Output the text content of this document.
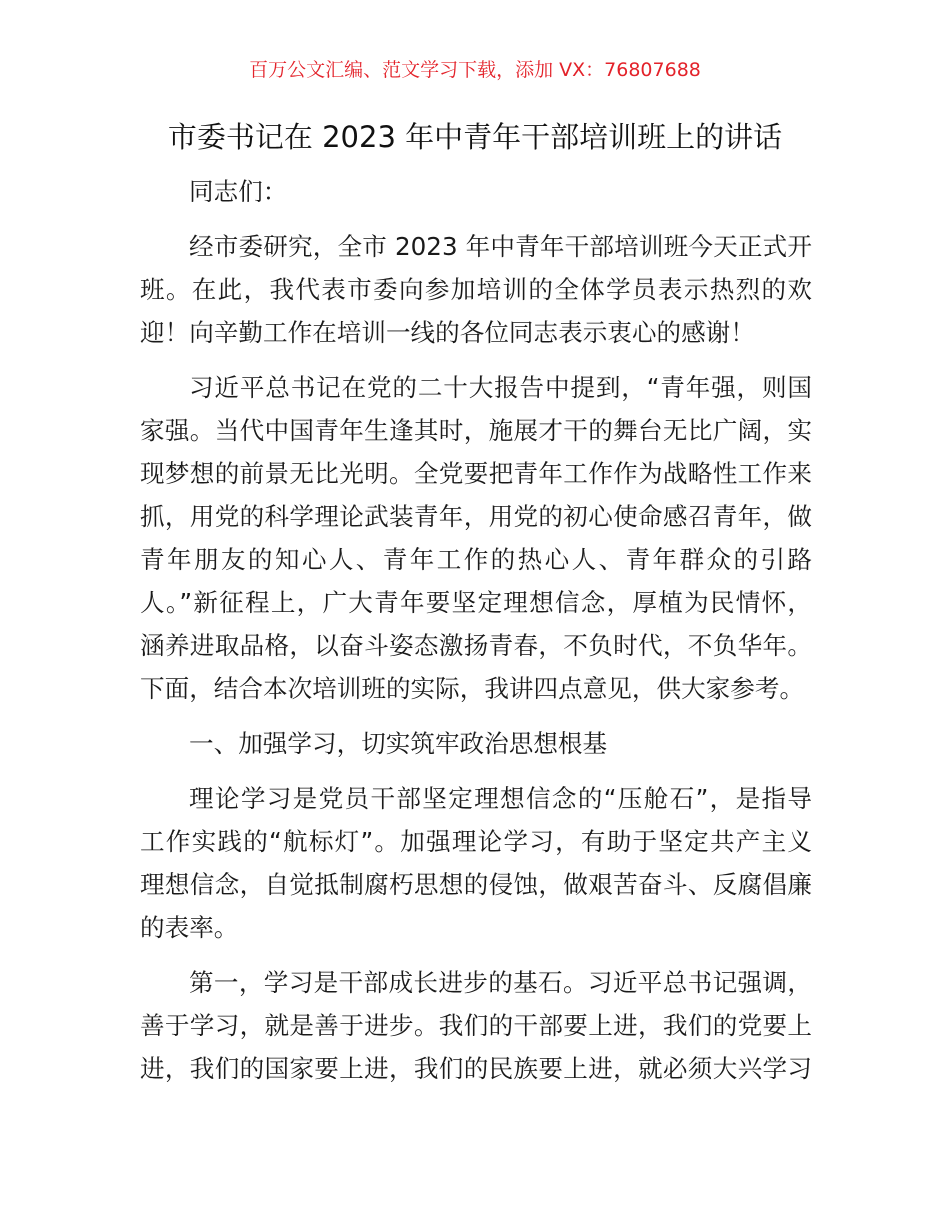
百万公文汇编、范文学习下载，添加 VX：76807688
市委书记在 2023 年中青年干部培训班上的讲话
同志们：
经市委研究，全市 2023 年中青年干部培训班今天正式开
班。在此，我代表市委向参加培训的全体学员表示热烈的欢
迎！向辛勤工作在培训一线的各位同志表示衷心的感谢！
习近平总书记在党的二十大报告中提到，“青年强，则国
家强。当代中国青年生逢其时，施展才干的舞台无比广阔，实
现梦想的前景无比光明。全党要把青年工作作为战略性工作来
抓，用党的科学理论武装青年，用党的初心使命感召青年，做
青年朋友的知心人、青年工作的热心人、青年群众的引路
人。”新征程上，广大青年要坚定理想信念，厚植为民情怀，
涵养进取品格，以奋斗姿态激扬青春，不负时代，不负华年。
下面，结合本次培训班的实际，我讲四点意见，供大家参考。
一、加强学习，切实筑牢政治思想根基
理论学习是党员干部坚定理想信念的“压舱石”，是指导
工作实践的“航标灯”。加强理论学习，有助于坚定共产主义
理想信念，自觉抵制腐朽思想的侵蚀，做艰苦奋斗、反腐倡廉
的表率。
第一，学习是干部成长进步的基石。习近平总书记强调，
善于学习，就是善于进步。我们的干部要上进，我们的党要上
进，我们的国家要上进，我们的民族要上进，就必须大兴学习
